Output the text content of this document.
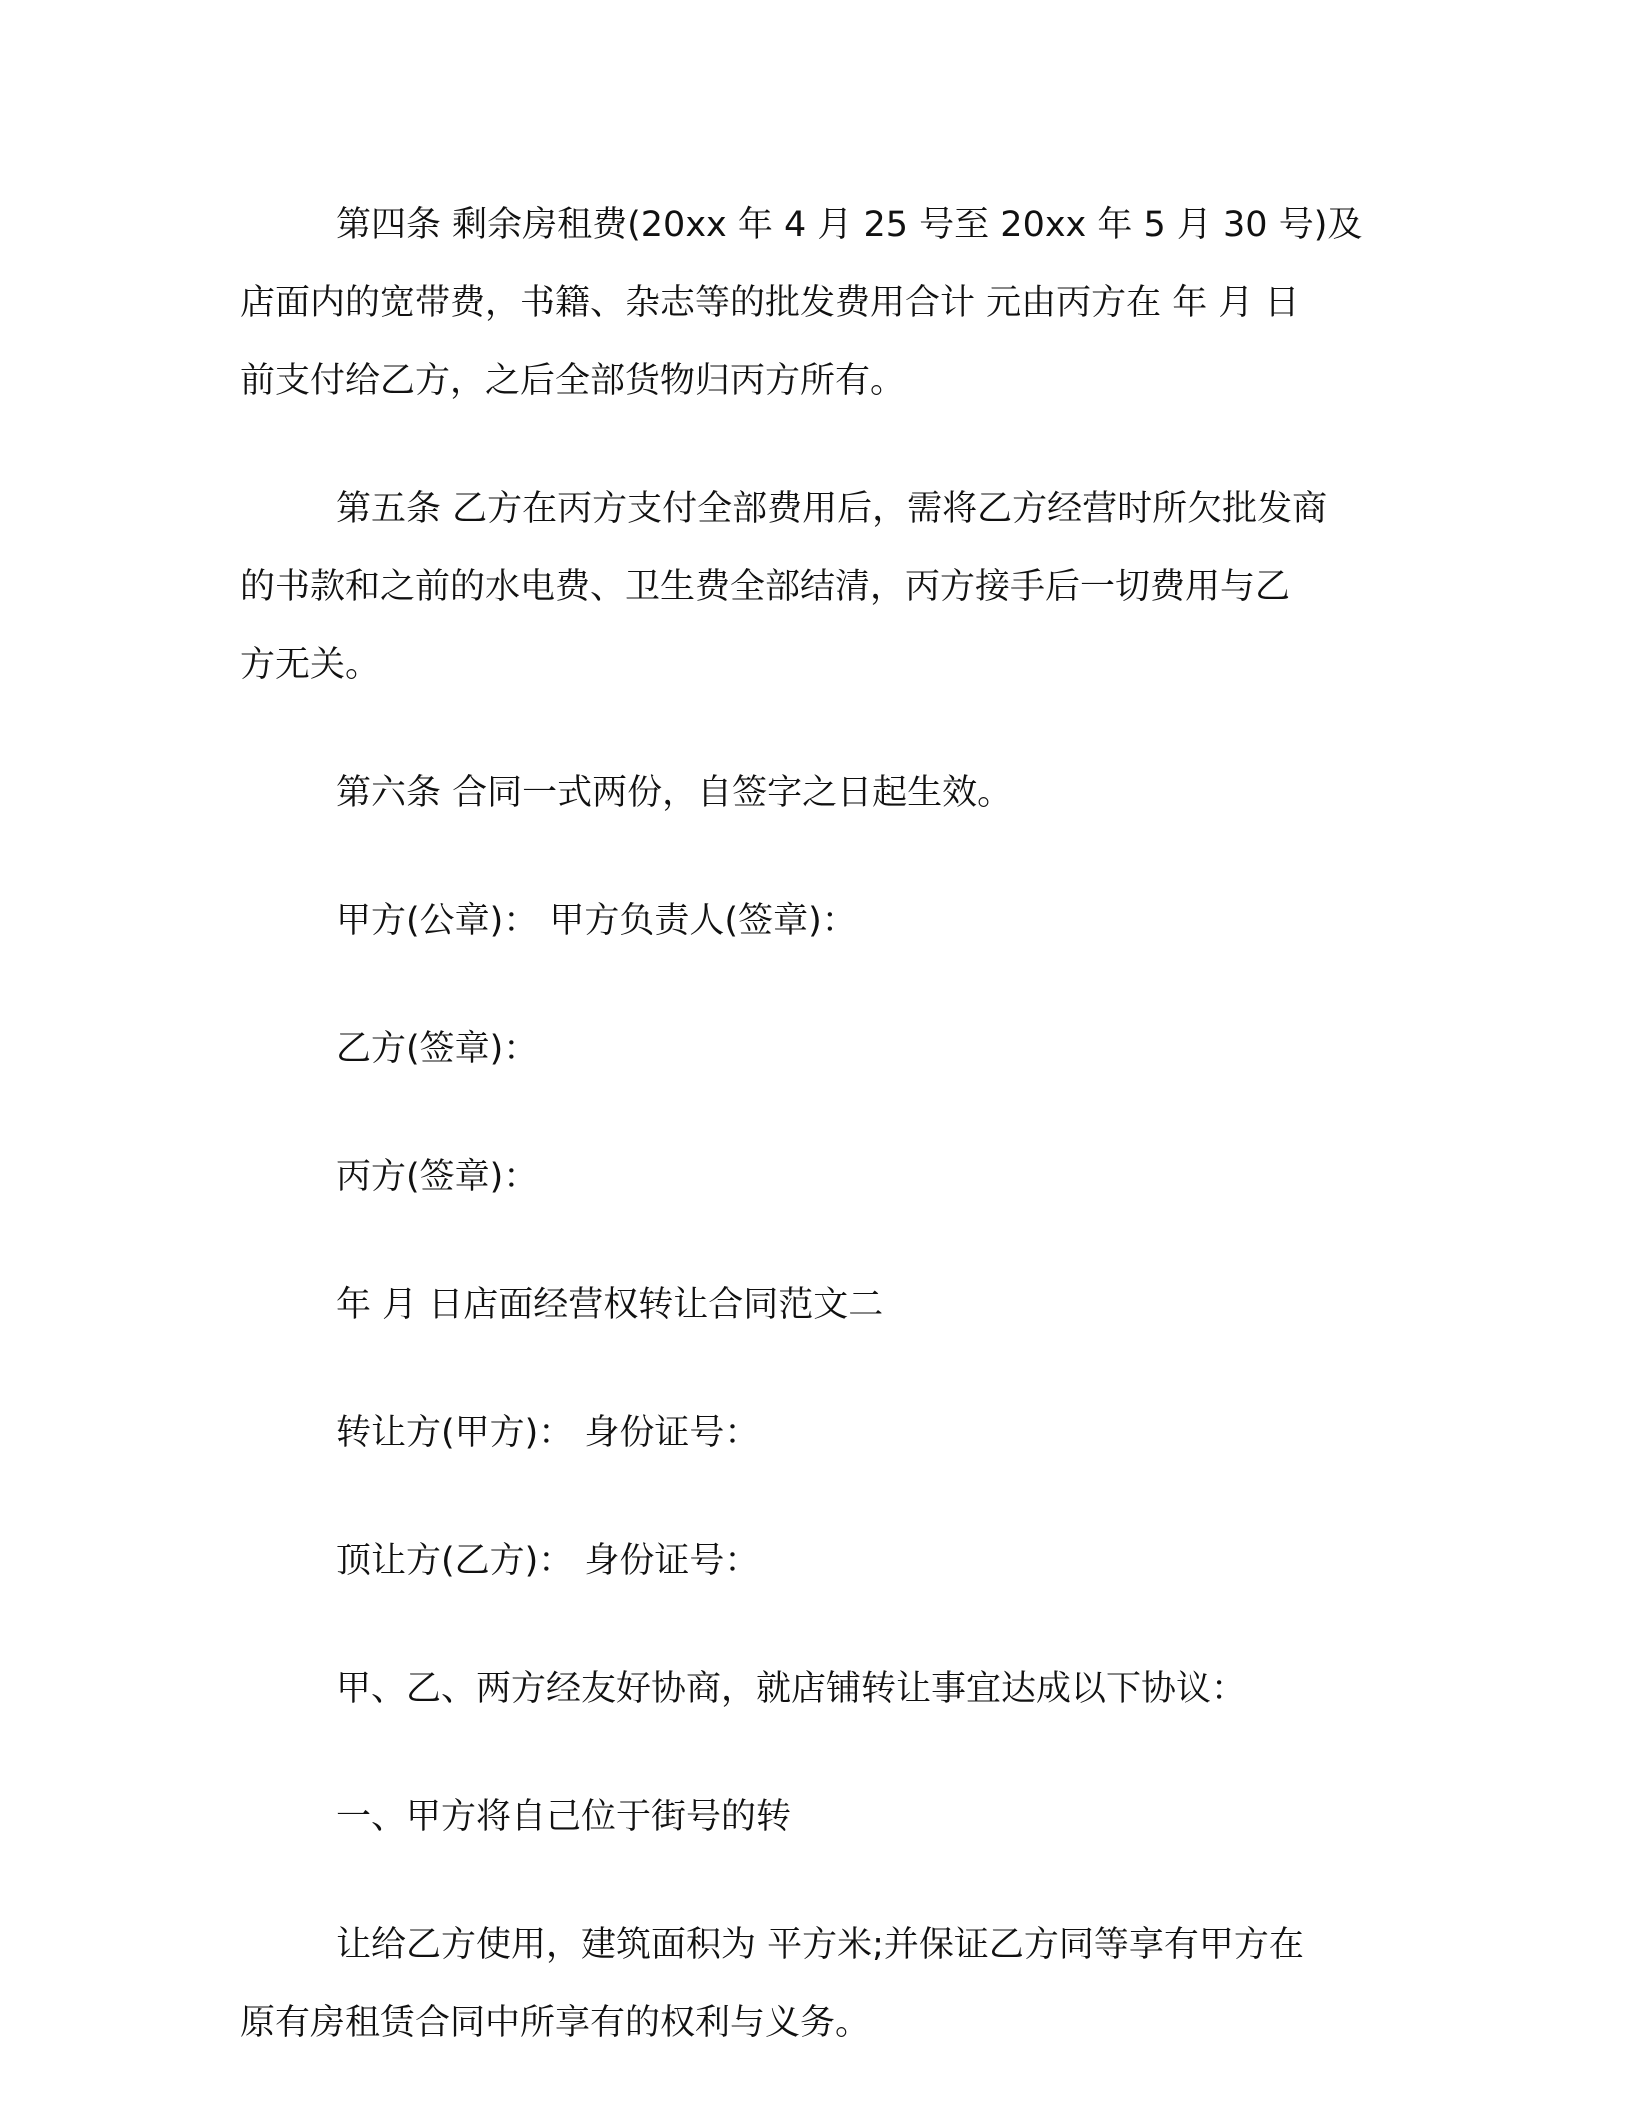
第四条 剩余房租费(20xx 年 4 月 25 号至 20xx 年 5 月 30 号)及
店面内的宽带费，书籍、杂志等的批发费用合计 元由丙方在 年 月 日
前支付给乙方，之后全部货物归丙方所有。

第五条 乙方在丙方支付全部费用后，需将乙方经营时所欠批发商
的书款和之前的水电费、卫生费全部结清，丙方接手后一切费用与乙
方无关。

第六条 合同一式两份，自签字之日起生效。

甲方(公章)： 甲方负责人(签章)：

乙方(签章)：

丙方(签章)：

年 月 日店面经营权转让合同范文二

转让方(甲方)： 身份证号：

顶让方(乙方)： 身份证号：

甲、乙、两方经友好协商，就店铺转让事宜达成以下协议：

一、甲方将自己位于街号的转

让给乙方使用，建筑面积为 平方米;并保证乙方同等享有甲方在
原有房租赁合同中所享有的权利与义务。
